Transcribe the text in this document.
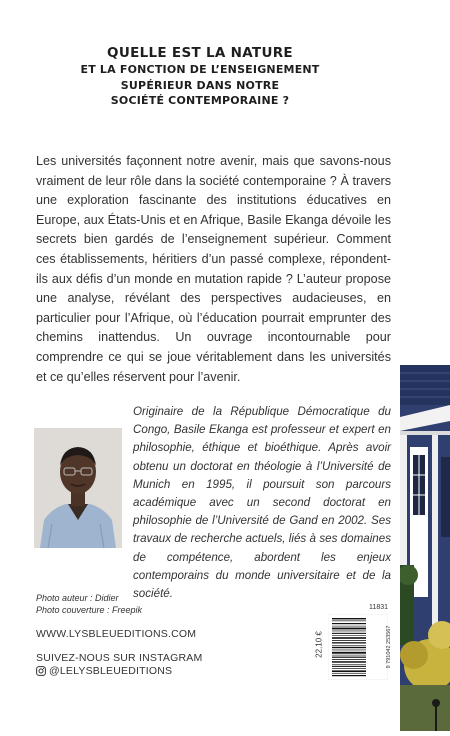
QUELLE EST LA NATURE
ET LA FONCTION DE L’ENSEIGNEMENT
SUPÉRIEUR DANS NOTRE
SOCIÉTÉ CONTEMPORAINE ?

Les universités façonnent notre avenir, mais que savons-nous vraiment de leur rôle dans la société contemporaine ? À travers une exploration fascinante des institutions éducatives en Europe, aux États-Unis et en Afrique, Basile Ekanga dévoile les secrets bien gardés de l’enseignement supérieur. Comment ces établissements, héritiers d’un passé complexe, répondent-ils aux défis d’un monde en mutation rapide ? L’auteur propose une analyse, révélant des perspectives audacieuses, en particulier pour l’Afrique, où l’éducation pourrait emprunter des chemins inattendus. Un ouvrage incontournable pour comprendre ce qui se joue véritablement dans les universités et ce qu’elles réservent pour l’avenir.

Originaire de la République Démocratique du Congo, Basile Ekanga est professeur et expert en philosophie, éthique et bioéthique. Après avoir obtenu un doctorat en théologie à l’Université de Munich en 1995, il poursuit son parcours académique avec un second doctorat en philosophie de l’Université de Gand en 2002. Ses travaux de recherche actuels, liés à ses domaines de compétence, abordent les enjeux contemporains du monde universitaire et de la société.

Photo auteur : Didier
Photo couverture : Freepik
WWW.LYSBLEUEDITIONS.COM
SUIVEZ-NOUS SUR INSTAGRAM
@LELYSBLEUEDITIONS
11831
22,10 €	9 791042 253567
